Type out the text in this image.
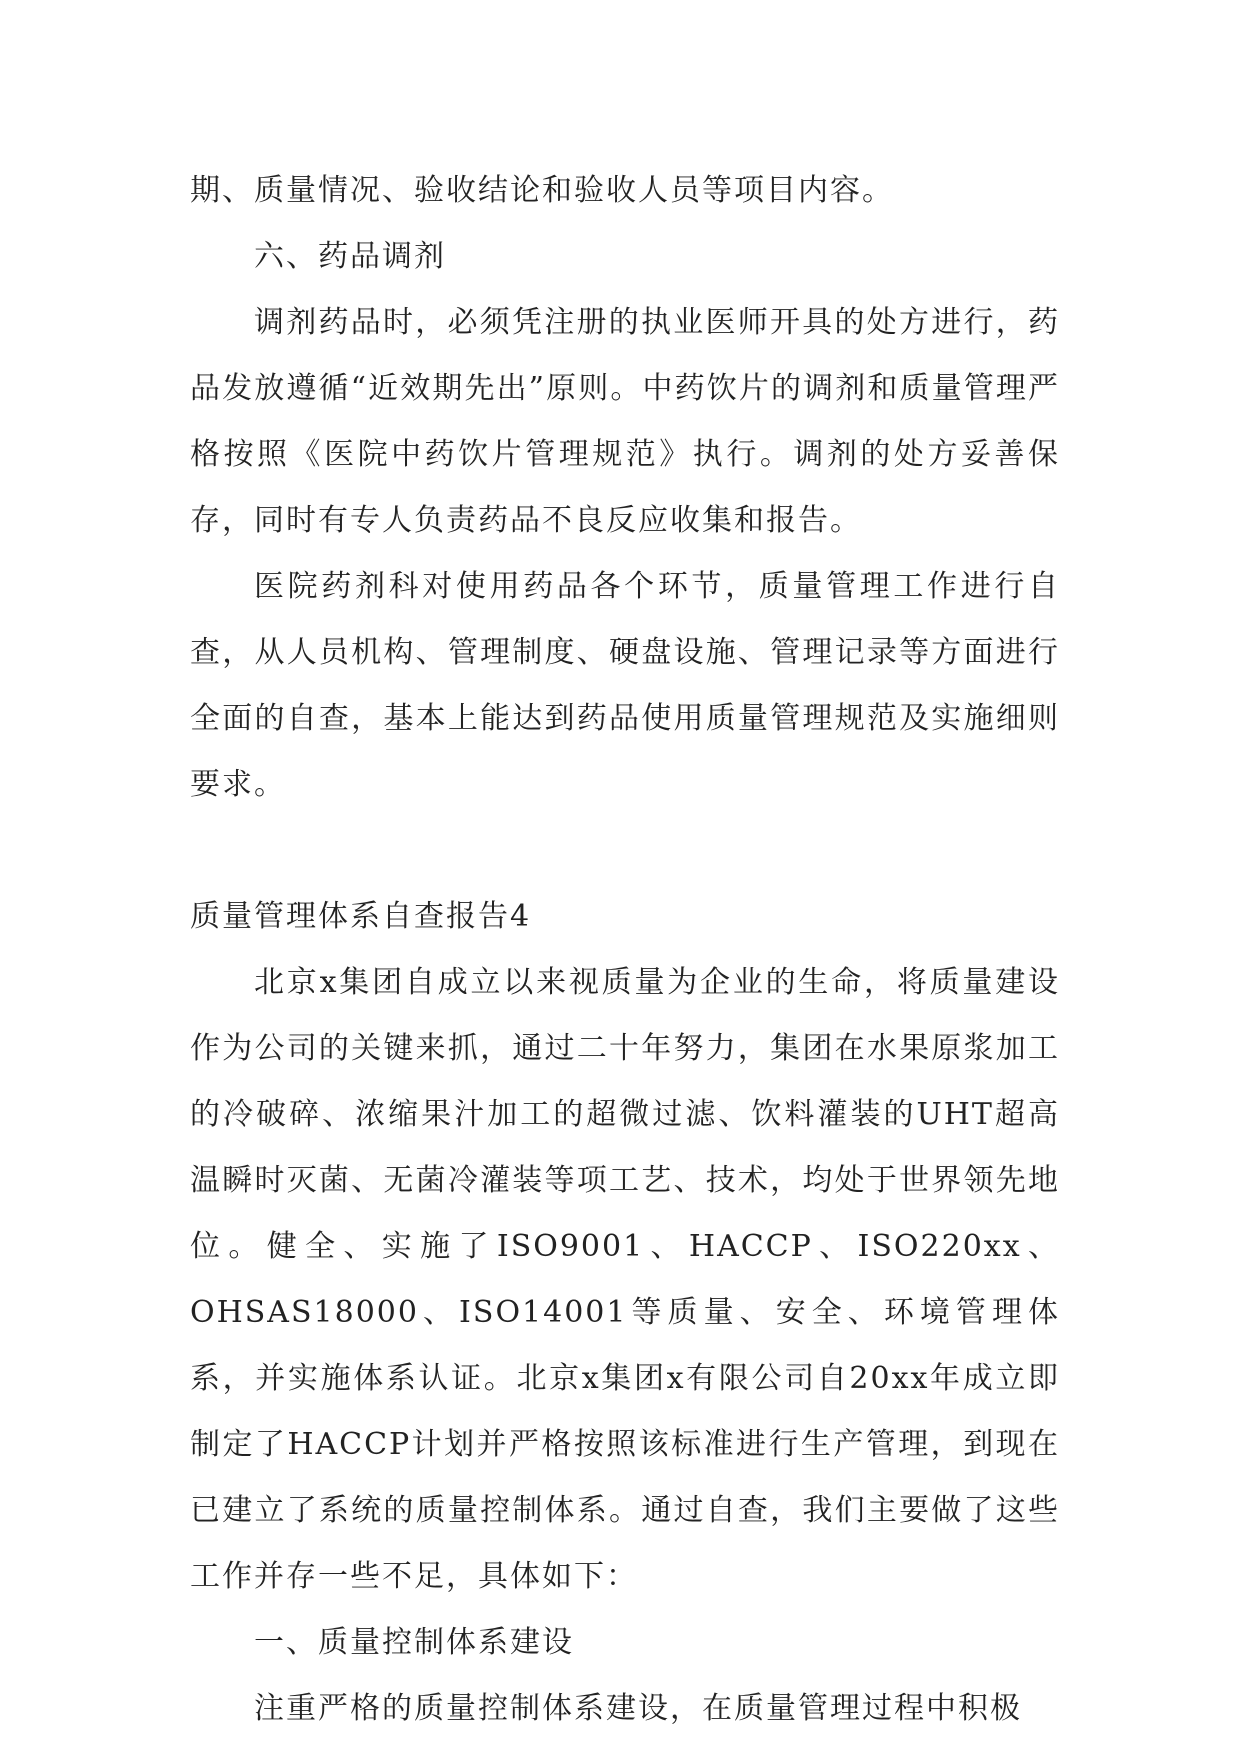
期、质量情况、验收结论和验收人员等项目内容。

六、药品调剂

调剂药品时，必须凭注册的执业医师开具的处方进行，药品发放遵循“近效期先出”原则。中药饮片的调剂和质量管理严格按照《医院中药饮片管理规范》执行。调剂的处方妥善保存，同时有专人负责药品不良反应收集和报告。

医院药剂科对使用药品各个环节，质量管理工作进行自查，从人员机构、管理制度、硬盘设施、管理记录等方面进行全面的自查，基本上能达到药品使用质量管理规范及实施细则要求。

质量管理体系自查报告4

北京x集团自成立以来视质量为企业的生命，将质量建设作为公司的关键来抓，通过二十年努力，集团在水果原浆加工的冷破碎、浓缩果汁加工的超微过滤、饮料灌装的UHT超高温瞬时灭菌、无菌冷灌装等项工艺、技术，均处于世界领先地位。健全、实施了ISO9001、HACCP、ISO220xx、OHSAS18000、ISO14001等质量、安全、环境管理体系，并实施体系认证。北京x集团x有限公司自20xx年成立即制定了HACCP计划并严格按照该标准进行生产管理，到现在已建立了系统的质量控制体系。通过自查，我们主要做了这些工作并存一些不足，具体如下：

一、质量控制体系建设

注重严格的质量控制体系建设，在质量管理过程中积极
